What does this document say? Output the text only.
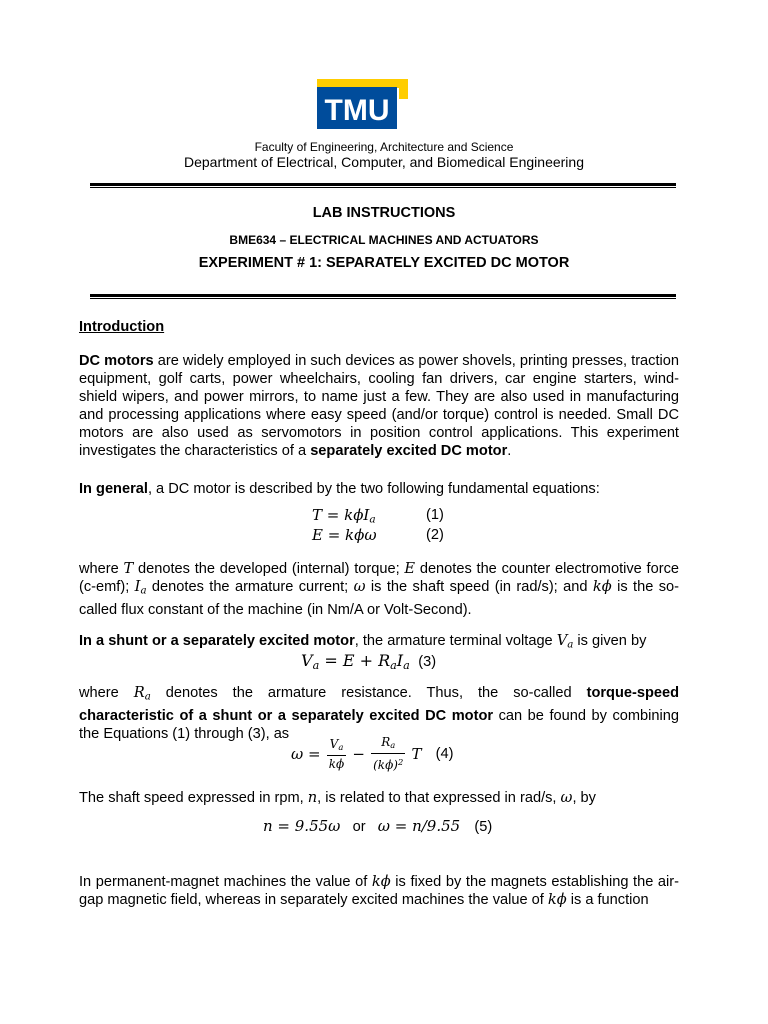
TMU
Faculty of Engineering, Architecture and Science
Department of Electrical, Computer, and Biomedical Engineering
LAB INSTRUCTIONS
BME634 – ELECTRICAL MACHINES AND ACTUATORS
EXPERIMENT # 1: SEPARATELY EXCITED DC MOTOR
Introduction
DC motors are widely employed in such devices as power shovels, printing presses, traction equipment, golf carts, power wheelchairs, cooling fan drivers, car engine starters, wind-shield wipers, and power mirrors, to name just a few. They are also used in manufacturing and processing applications where easy speed (and/or torque) control is needed. Small DC motors are also used as servomotors in position control applications. This experiment investigates the characteristics of a separately excited DC motor.
In general, a DC motor is described by the two following fundamental equations:
T = kϕI$_a$	(1)
E = kϕω	(2)
where T denotes the developed (internal) torque; E denotes the counter electromotive force (c-emf); $I_a$ denotes the armature current; ω is the shaft speed (in rad/s); and kϕ is the so-called flux constant of the machine (in Nm/A or Volt-Second).
In a shunt or a separately excited motor, the armature terminal voltage $V_a$ is given by
$V_a = E + R_aI_a$ (3)
where $R_a$ denotes the armature resistance. Thus, the so-called torque-speed characteristic of a shunt or a separately excited DC motor can be found by combining the Equations (1) through (3), as
$\omega = \frac{V_a}{k\phi} - \frac{R_a}{(k\phi)^2}$ T (4)
The shaft speed expressed in rpm, n, is related to that expressed in rad/s, ω, by
n = 9.55ω or ω = n/9.55 (5)
In permanent-magnet machines the value of kϕ is fixed by the magnets establishing the air-gap magnetic field, whereas in separately excited machines the value of kϕ is a function
